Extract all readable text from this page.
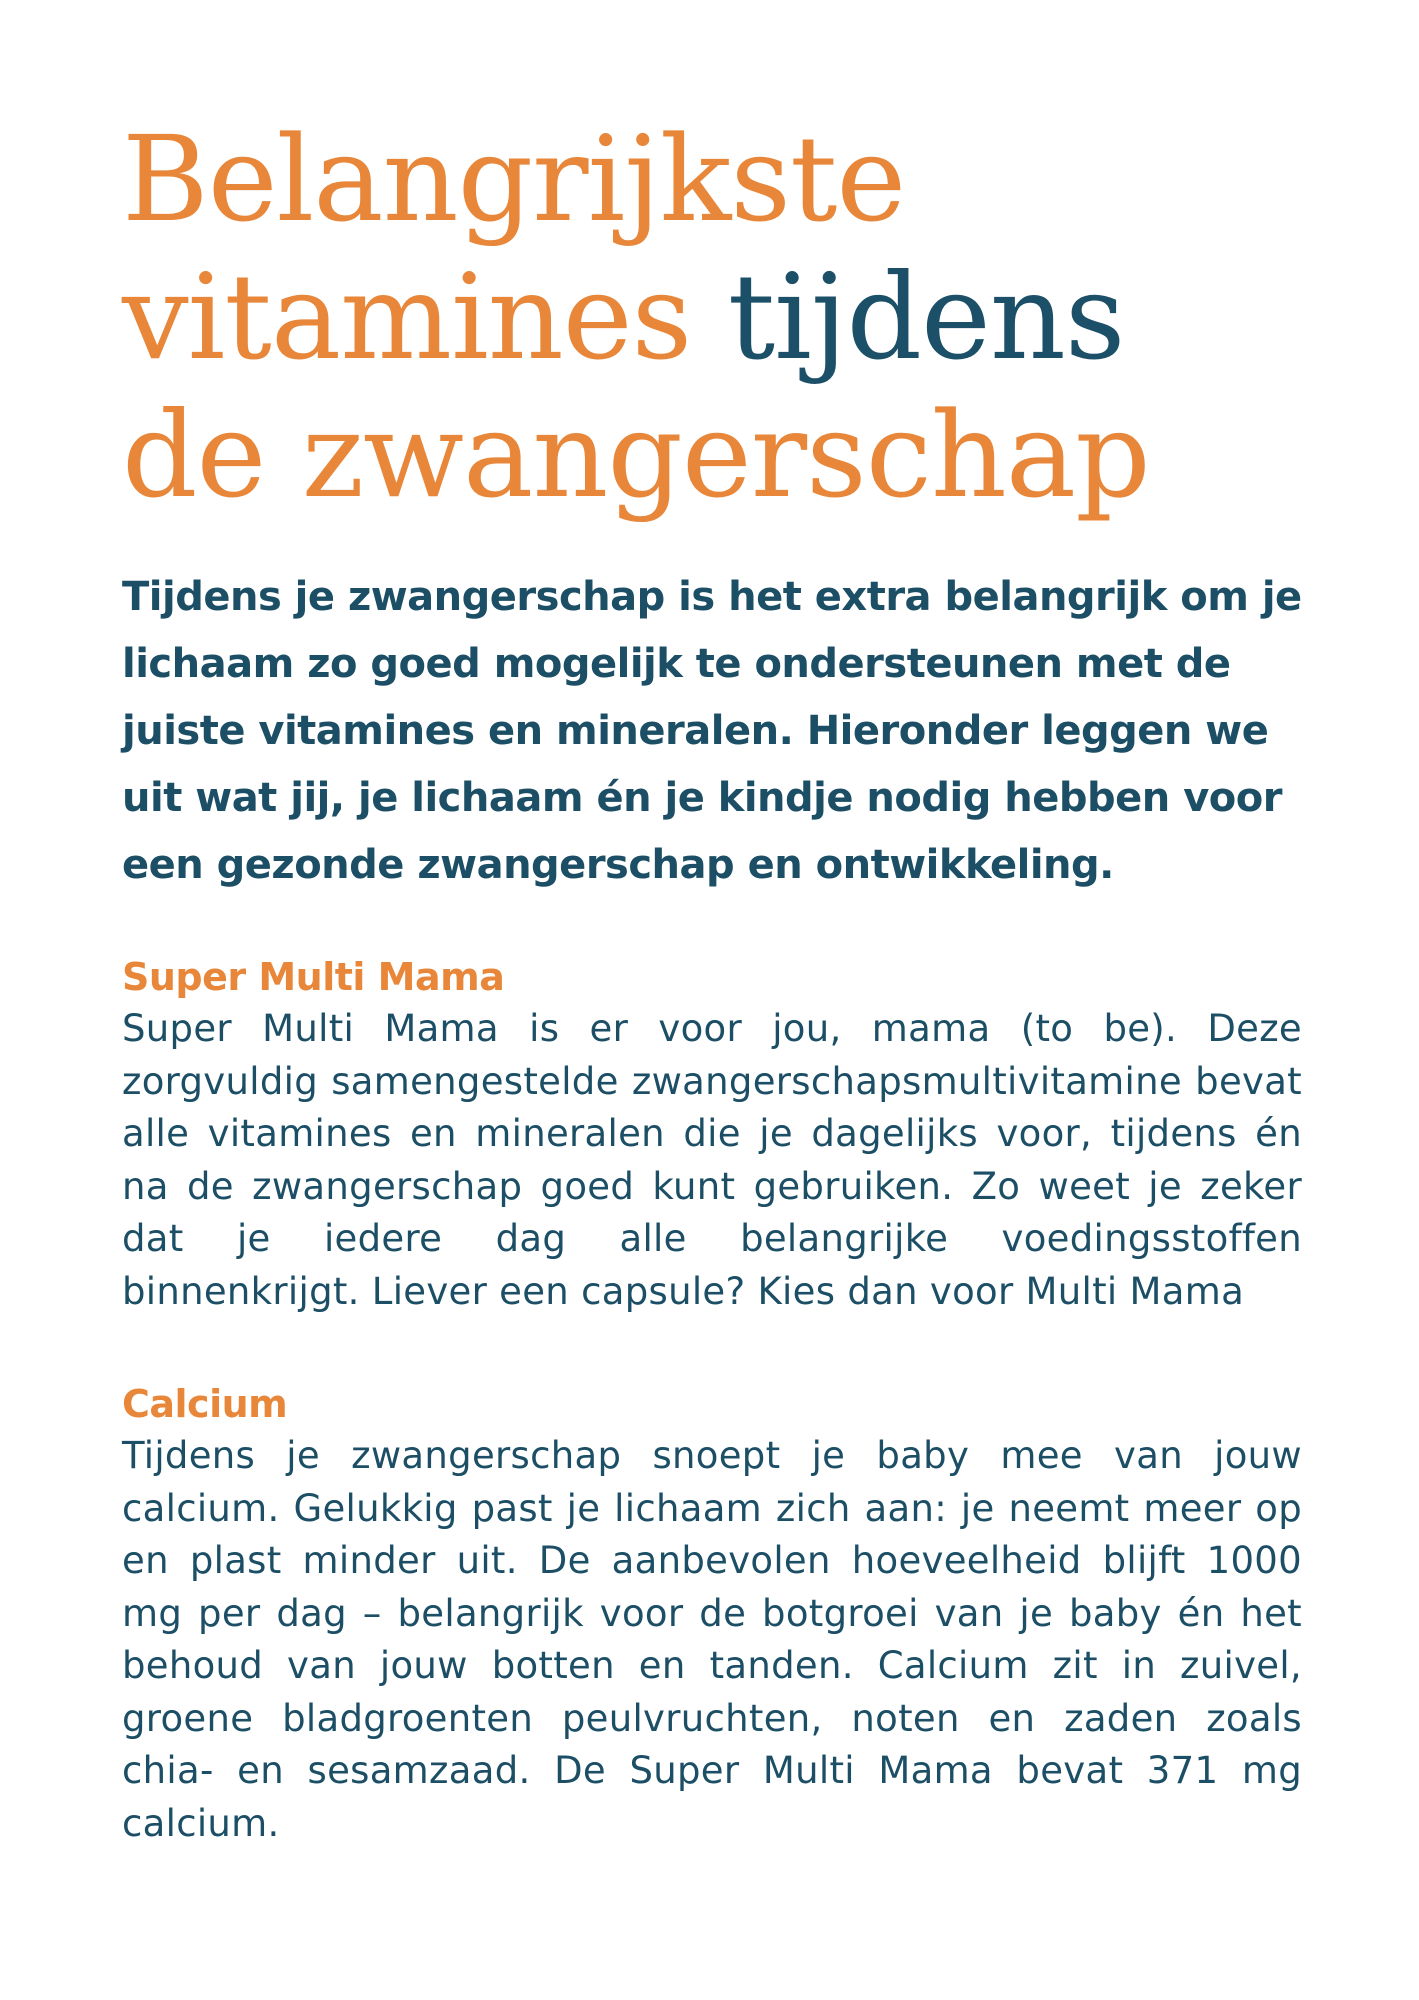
Belangrijkste
vitamines tijdens
de zwangerschap

Tijdens je zwangerschap is het extra belangrijk om je lichaam zo goed mogelijk te ondersteunen met de juiste vitamines en mineralen. Hieronder leggen we uit wat jij, je lichaam én je kindje nodig hebben voor een gezonde zwangerschap en ontwikkeling.

Super Multi Mama

Super Multi Mama is er voor jou, mama (to be). Deze zorgvuldig samengestelde zwangerschapsmultivitamine bevat alle vitamines en mineralen die je dagelijks voor, tijdens én na de zwangerschap goed kunt gebruiken. Zo weet je zeker dat je iedere dag alle belangrijke voedingsstoffen binnenkrijgt. Liever een capsule? Kies dan voor Multi Mama

Calcium

Tijdens je zwangerschap snoept je baby mee van jouw calcium. Gelukkig past je lichaam zich aan: je neemt meer op en plast minder uit. De aanbevolen hoeveelheid blijft 1000 mg per dag – belangrijk voor de botgroei van je baby én het behoud van jouw botten en tanden. Calcium zit in zuivel, groene bladgroenten peulvruchten, noten en zaden zoals chia- en sesamzaad. De Super Multi Mama bevat 371 mg calcium.
